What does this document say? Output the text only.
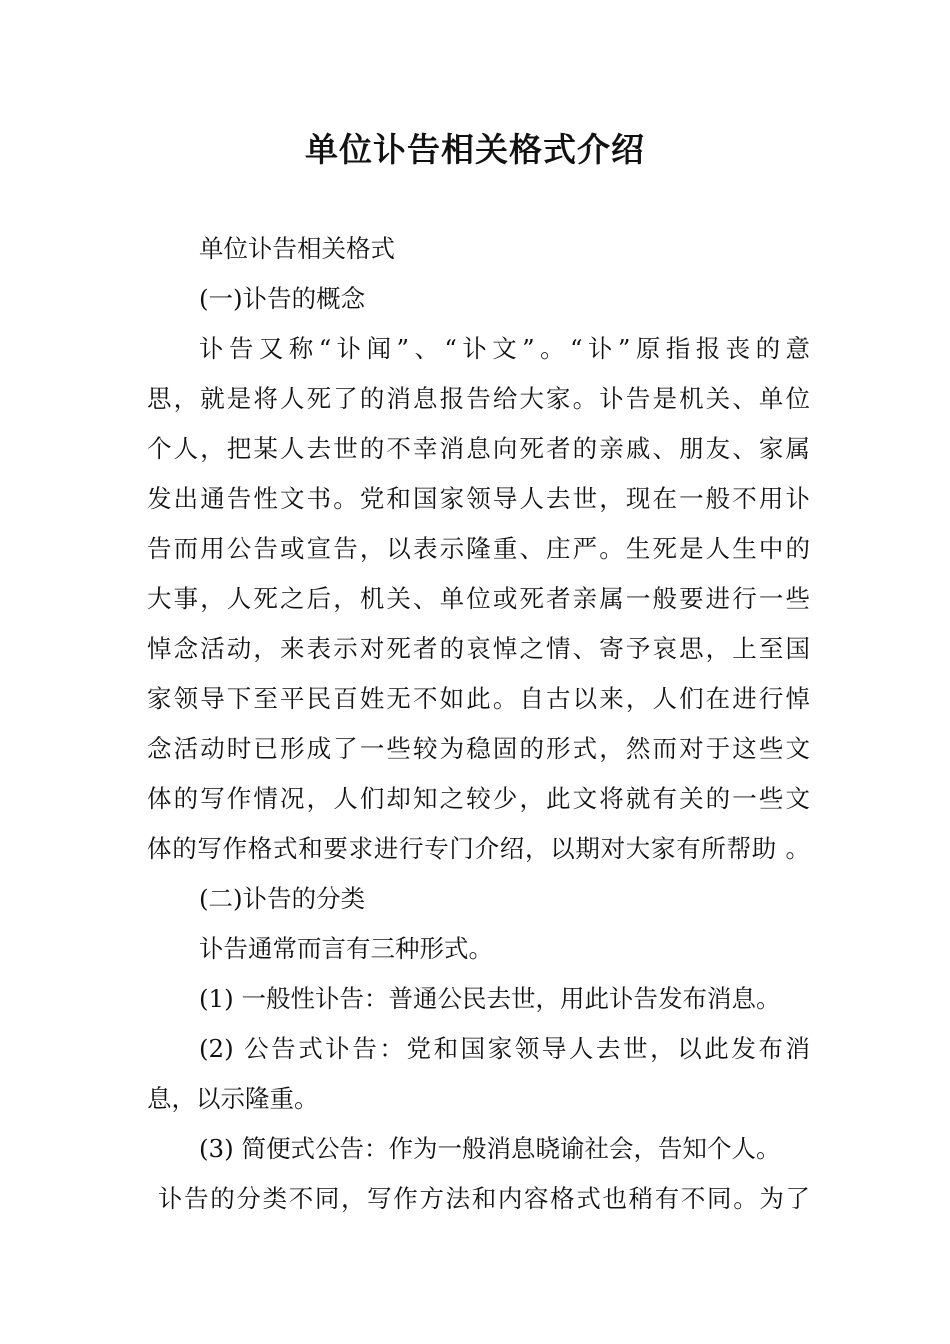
单位讣告相关格式介绍
单位讣告相关格式
(一)讣告的概念
讣告又称“讣闻”、“讣文”。“讣”原指报丧的意
思，就是将人死了的消息报告给大家。讣告是机关、单位
个人，把某人去世的不幸消息向死者的亲戚、朋友、家属
发出通告性文书。党和国家领导人去世，现在一般不用讣
告而用公告或宣告，以表示隆重、庄严。生死是人生中的
大事，人死之后，机关、单位或死者亲属一般要进行一些
悼念活动，来表示对死者的哀悼之情、寄予哀思，上至国
家领导下至平民百姓无不如此。自古以来，人们在进行悼
念活动时已形成了一些较为稳固的形式，然而对于这些文
体的写作情况，人们却知之较少，此文将就有关的一些文
体的写作格式和要求进行专门介绍，以期对大家有所帮助 。
(二)讣告的分类
讣告通常而言有三种形式。
(1) 一般性讣告：普通公民去世，用此讣告发布消息。
(2) 公告式讣告：党和国家领导人去世，以此发布消
息，以示隆重。
(3) 简便式公告：作为一般消息晓谕社会，告知个人。
讣告的分类不同，写作方法和内容格式也稍有不同。为了
